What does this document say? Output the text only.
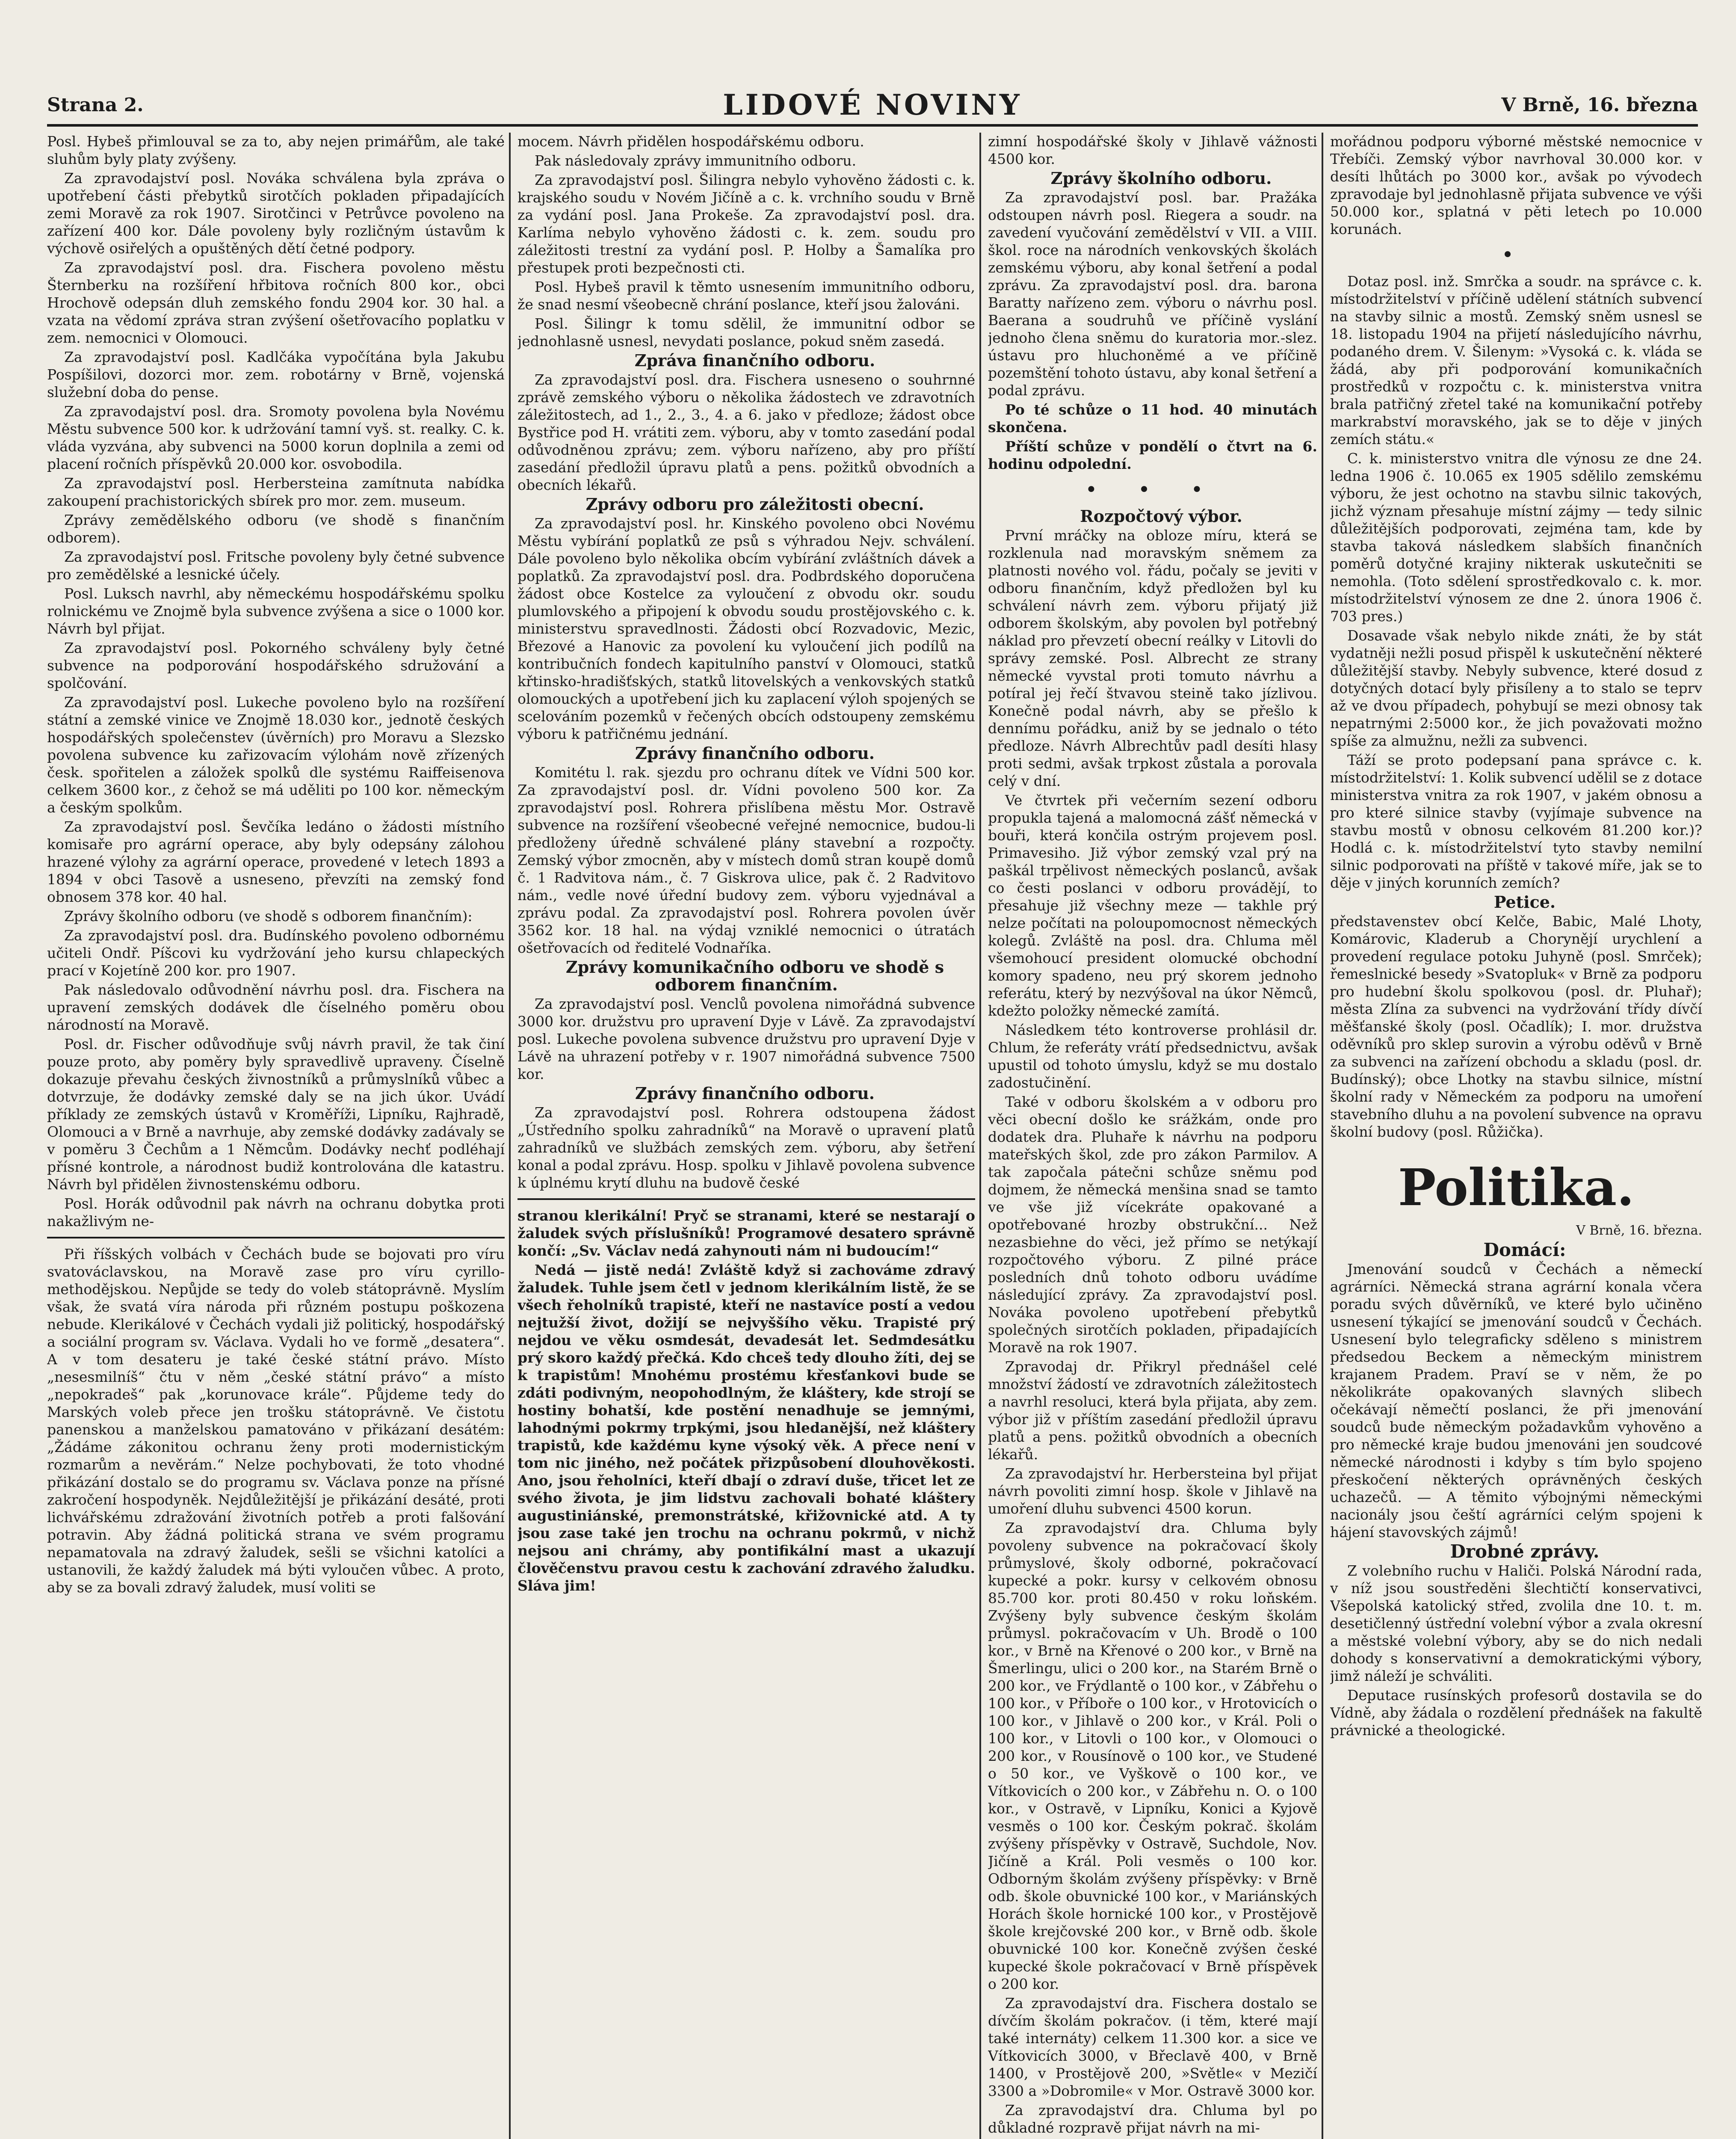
Strana 2.	LIDOVÉ NOVINY	V Brně, 16. března

Posl. Hybeš přimlouval se za to, aby nejen primářům, ale také sluhům byly platy zvýšeny.

Za zpravodajství posl. Nováka schválena byla zpráva o upotřebení části přebytků sirotčích pokladen připadajících zemi Moravě za rok 1907. Sirotčinci v Petrůvce povoleno na zařízení 400 kor. Dále povoleny byly rozličným ústavům k výchově osiřelých a opuštěných dětí četné podpory.

Za zpravodajství posl. dra. Fischera povoleno městu Šternberku na rozšíření hřbitova ročních 800 kor., obci Hrochově odepsán dluh zemského fondu 2904 kor. 30 hal. a vzata na vědomí zpráva stran zvýšení ošetřovacího poplatku v zem. nemocnici v Olomouci.

Za zpravodajství posl. Kadlčáka vypočítána byla Jakubu Pospíšilovi, dozorci mor. zem. robotárny v Brně, vojenská služební doba do pense.

Za zpravodajství posl. dra. Sromoty povolena byla Novému Městu subvence 500 kor. k udržování tamní vyš. st. realky. C. k. vláda vyzvána, aby subvenci na 5000 korun doplnila a zemi od placení ročních příspěvků 20.000 kor. osvobodila.

Za zpravodajství posl. Herbersteina zamítnuta nabídka zakoupení prachistorických sbírek pro mor. zem. museum.

Zprávy zemědělského odboru (ve shodě s finančním odborem).

Za zpravodajství posl. Fritsche povoleny byly četné subvence pro zemědělské a lesnické účely.

Posl. Luksch navrhl, aby německému hospodářskému spolku rolnickému ve Znojmě byla subvence zvýšena a sice o 1000 kor. Návrh byl přijat.

Za zpravodajství posl. Pokorného schváleny byly četné subvence na podporování hospodářského sdružování a spolčování.

Za zpravodajství posl. Lukeche povoleno bylo na rozšíření státní a zemské vinice ve Znojmě 18.030 kor., jednotě českých hospodářských společenstev (úvěrních) pro Moravu a Slezsko povolena subvence ku zařizovacím výlohám nově zřízených česk. spořitelen a záložek spolků dle systému Raiffeisenova celkem 3600 kor., z čehož se má uděliti po 100 kor. německým a českým spolkům.

Za zpravodajství posl. Ševčíka ledáno o žádosti místního komisaře pro agrární operace, aby byly odepsány zálohou hrazené výlohy za agrární operace, provedené v letech 1893 a 1894 v obci Tasově a usneseno, převzíti na zemský fond obnosem 378 kor. 40 hal.

Zprávy školního odboru (ve shodě s odborem finančním):

Za zpravodajství posl. dra. Budínského povoleno odbornému učiteli Ondř. Píšcovi ku vydržování jeho kursu chlapeckých prací v Kojetíně 200 kor. pro 1907.

Pak následovalo odůvodnění návrhu posl. dra. Fischera na upravení zemských dodávek dle číselného poměru obou národností na Moravě.

Posl. dr. Fischer odůvodňuje svůj návrh pravil, že tak činí pouze proto, aby poměry byly spravedlivě upraveny. Číselně dokazuje převahu českých živnostníků a průmyslníků vůbec a dotvrzuje, že dodávky zemské daly se na jich úkor. Uvádí příklady ze zemských ústavů v Kroměříži, Lipníku, Rajhradě, Olomouci a v Brně a navrhuje, aby zemské dodávky zadávaly se v poměru 3 Čechům a 1 Němcům. Dodávky nechť podléhají přísné kontrole, a národnost budiž kontrolována dle katastru. Návrh byl přidělen živnostenskému odboru.

Posl. Horák odůvodnil pak návrh na ochranu dobytka proti nakažlivým ne-

Při říšských volbách v Čechách bude se bojovati pro víru svatováclavskou, na Moravě zase pro víru cyrillo-methodějskou. Nepůjde se tedy do voleb státoprávně. Myslím však, že svatá víra národa při různém postupu poškozena nebude. Klerikálové v Čechách vydali již politický, hospodářský a sociální program sv. Václava. Vydali ho ve formě „desatera“. A v tom desateru je také české státní právo. Místo „nesesmilníš“ čtu v něm „české státní právo“ a místo „nepokradeš“ pak „korunovace krále“. Půjdeme tedy do Marských voleb přece jen trošku státoprávně. Ve čistotu panenskou a manželskou pamatováno v přikázaní desátém: „Žádáme zákonitou ochranu ženy proti modernistickým rozmarům a nevěrám.“ Nelze pochybovati, že toto vhodné přikázání dostalo se do programu sv. Václava ponze na přísné zakročení hospodyněk. Nejdůležitější je přikázání desáté, proti lichvářskému zdražování životních potřeb a proti falšování potravin. Aby žádná politická strana ve svém programu nepamatovala na zdravý žaludek, sešli se všichni katolíci a ustanovili, že každý žaludek má býti vyloučen vůbec. A proto, aby se za bovali zdravý žaludek, musí voliti se

mocem. Návrh přidělen hospodářskému odboru.

Pak následovaly zprávy immunitního odboru.

Za zpravodajství posl. Šilingra nebylo vyhověno žádosti c. k. krajského soudu v Novém Jičíně a c. k. vrchního soudu v Brně za vydání posl. Jana Prokeše. Za zpravodajství posl. dra. Karlíma nebylo vyhověno žádosti c. k. zem. soudu pro záležitosti trestní za vydání posl. P. Holby a Šamalíka pro přestupek proti bezpečnosti cti.

Posl. Hybeš pravil k těmto usnesením immunitního odboru, že snad nesmí všeobecně chrání poslance, kteří jsou žalováni.

Posl. Šilingr k tomu sdělil, že immunitní odbor se jednohlasně usnesl, nevydati poslance, pokud sněm zasedá.

Zpráva finančního odboru.

Za zpravodajství posl. dra. Fischera usneseno o souhrnné zprávě zemského výboru o několika žádostech ve zdravotních záležitostech, ad 1., 2., 3., 4. a 6. jako v předloze; žádost obce Bystřice pod H. vrátiti zem. výboru, aby v tomto zasedání podal odůvodněnou zprávu; zem. výboru nařízeno, aby pro příští zasedání předložil úpravu platů a pens. požitků obvodních a obecních lékařů.

Zprávy odboru pro záležitosti obecní.

Za zpravodajství posl. hr. Kinského povoleno obci Novému Městu vybírání poplatků ze psů s výhradou Nejv. schválení. Dále povoleno bylo několika obcím vybírání zvláštních dávek a poplatků. Za zpravodajství posl. dra. Podbrdského doporučena žádost obce Kostelce za vyloučení z obvodu okr. soudu plumlovského a připojení k obvodu soudu prostějovského c. k. ministerstvu spravedlnosti. Žádosti obcí Rozvadovic, Mezic, Březové a Hanovic za povolení ku vyloučení jich podílů na kontribučních fondech kapitulního panství v Olomouci, statků křtinsko-hradišťských, statků litovelských a venkovských statků olomouckých a upotřebení jich ku zaplacení výloh spojených se scelováním pozemků v řečených obcích odstoupeny zemskému výboru k patřičnému jednání.

Zprávy finančního odboru.

Komitétu l. rak. sjezdu pro ochranu dítek ve Vídni 500 kor. Za zpravodajství posl. dr. Vídni povoleno 500 kor. Za zpravodajství posl. Rohrera přislíbena městu Mor. Ostravě subvence na rozšíření všeobecné veřejné nemocnice, budou-li předloženy úředně schválené plány stavební a rozpočty. Zemský výbor zmocněn, aby v místech domů stran koupě domů č. 1 Radvitova nám., č. 7 Giskrova ulice, pak č. 2 Radvitovo nám., vedle nové úřední budovy zem. výboru vyjednával a zprávu podal. Za zpravodajství posl. Rohrera povolen úvěr 3562 kor. 18 hal. na výdaj vzniklé nemocnici o útratách ošetřovacích od ředitelé Vodnaříka.

Zprávy komunikačního odboru ve shodě s odborem finančním.

Za zpravodajství posl. Venclů povolena nimořádná subvence 3000 kor. družstvu pro upravení Dyje v Lávě. Za zpravodajství posl. Lukeche povolena subvence družstvu pro upravení Dyje v Lávě na uhrazení potřeby v r. 1907 nimořádná subvence 7500 kor.

Zprávy finančního odboru.

Za zpravodajství posl. Rohrera odstoupena žádost „Ústředního spolku zahradníků“ na Moravě o upravení platů zahradníků ve službách zemských zem. výboru, aby šetření konal a podal zprávu. Hosp. spolku v Jihlavě povolena subvence k úplnému krytí dluhu na budově české

stranou klerikální! Pryč se stranami, které se nestarají o žaludek svých příslušníků! Programové desatero správně končí: „Sv. Václav nedá zahynouti nám ni budoucím!“

Nedá — jistě nedá! Zvláště když si zachováme zdravý žaludek. Tuhle jsem četl v jednom klerikálním listě, že se všech řeholníků trapisté, kteří ne nastavíce postí a vedou nejtužší život, dožijí se nejvyššího věku. Trapisté prý nejdou ve věku osmdesát, devadesát let. Sedmdesátku prý skoro každý přečká. Kdo chceš tedy dlouho žíti, dej se k trapistům! Mnohému prostému křesťankovi bude se zdáti podivným, neopohodlným, že kláštery, kde strojí se hostiny bohatší, kde postění nenadhuje se jemnými, lahodnými pokrmy trpkými, jsou hledanější, než kláštery trapistů, kde každému kyne výsoký věk. A přece není v tom nic jiného, než počátek přizpůsobení dlouhověkosti. Ano, jsou řeholníci, kteří dbají o zdraví duše, třicet let ze svého života, je jim lidstvu zachovali bohaté kláštery augustiniánské, premonstrátské, křižovnické atd. A ty jsou zase také jen trochu na ochranu pokrmů, v nichž nejsou ani chrámy, aby pontifikální mast a ukazují člověčenstvu pravou cestu k zachování zdravého žaludku. Sláva jim!

zimní hospodářské školy v Jihlavě vážnosti 4500 kor.

Zprávy školního odboru.

Za zpravodajství posl. bar. Pražáka odstoupen návrh posl. Riegera a soudr. na zavedení vyučování zemědělství v VII. a VIII. škol. roce na národních venkovských školách zemskému výboru, aby konal šetření a podal zprávu. Za zpravodajství posl. dra. barona Baratty nařízeno zem. výboru o návrhu posl. Baerana a soudruhů ve příčině vyslání jednoho člena sněmu do kuratoria mor.-slez. ústavu pro hluchoněmé a ve příčině pozemštění tohoto ústavu, aby konal šetření a podal zprávu.

Po té schůze o 11 hod. 40 minutách skončena.

Příští schůze v pondělí o čtvrt na 6. hodinu odpolední.

• • •

Rozpočtový výbor.

První mráčky na obloze míru, která se rozklenula nad moravským sněmem za platnosti nového vol. řádu, počaly se jeviti v odboru finančním, když předložen byl ku schválení návrh zem. výboru přijatý již odborem školským, aby povolen byl potřebný náklad pro převzetí obecní reálky v Litovli do správy zemské. Posl. Albrecht ze strany německé vyvstal proti tomuto návrhu a potíral jej řečí štvavou steině tako jízlivou. Konečně podal návrh, aby se přešlo k dennímu pořádku, aniž by se jednalo o této předloze. Návrh Albrechtův padl desíti hlasy proti sedmi, avšak trpkost zůstala a porovala celý v dní.

Ve čtvrtek při večerním sezení odboru propukla tajená a malomocná zášť německá v bouři, která končila ostrým projevem posl. Primavesiho. Již výbor zemský vzal prý na paškál trpělivost německých poslanců, avšak co česti poslanci v odboru provádějí, to přesahuje již všechny meze — takhle prý nelze počítati na poloupomocnost německých kolegů. Zvláště na posl. dra. Chluma měl všemohoucí president olomucké obchodní komory spadeno, neu prý skorem jednoho referátu, který by nezvýšoval na úkor Němců, kdežto položky německé zamítá.

Následkem této kontroverse prohlásil dr. Chlum, že referáty vrátí předsednictvu, avšak upustil od tohoto úmyslu, když se mu dostalo zadostučinění.

Také v odboru školském a v odboru pro věci obecní došlo ke srážkám, onde pro dodatek dra. Pluhaře k návrhu na podporu mateřských škol, zde pro zákon Parmilov. A tak započala pátečni schůze sněmu pod dojmem, že německá menšina snad se tamto ve vše již vícekráte opakované a opotřebované hrozby obstrukční... Než nezasbiehne do věci, jež přímo se netýkají rozpočtového výboru. Z pilné práce posledních dnů tohoto odboru uvádíme následující zprávy. Za zpravodajství posl. Nováka povoleno upotřebení přebytků společných sirotčích pokladen, připadajících Moravě na rok 1907.

Zpravodaj dr. Přikryl přednášel celé množství žádostí ve zdravotních záležitostech a navrhl resoluci, která byla přijata, aby zem. výbor již v příštím zasedání předložil úpravu platů a pens. požitků obvodních a obecních lékařů.

Za zpravodajství hr. Herbersteina byl přijat návrh povoliti zimní hosp. škole v Jihlavě na umoření dluhu subvenci 4500 korun.

Za zpravodajství dra. Chluma byly povoleny subvence na pokračovací školy průmyslové, školy odborné, pokračovací kupecké a pokr. kursy v celkovém obnosu 85.700 kor. proti 80.450 v roku loňském. Zvýšeny byly subvence českým školám průmysl. pokračovacím v Uh. Brodě o 100 kor., v Brně na Křenové o 200 kor., v Brně na Šmerlingu, ulici o 200 kor., na Starém Brně o 200 kor., ve Frýdlantě o 100 kor., v Zábřehu o 100 kor., v Příboře o 100 kor., v Hrotovicích o 100 kor., v Jihlavě o 200 kor., v Král. Poli o 100 kor., v Litovli o 100 kor., v Olomouci o 200 kor., v Rousínově o 100 kor., ve Studené o 50 kor., ve Vyškově o 100 kor., ve Vítkovicích o 200 kor., v Zábřehu n. O. o 100 kor., v Ostravě, v Lipníku, Konici a Kyjově vesměs o 100 kor. Českým pokrač. školám zvýšeny příspěvky v Ostravě, Suchdole, Nov. Jičíně a Král. Poli vesměs o 100 kor. Odborným školám zvýšeny příspěvky: v Brně odb. škole obuvnické 100 kor., v Mariánských Horách škole hornické 100 kor., v Prostějově škole krejčovské 200 kor., v Brně odb. škole obuvnické 100 kor. Konečně zvýšen české kupecké škole pokračovací v Brně příspěvek o 200 kor.

Za zpravodajství dra. Fischera dostalo se dívčím školám pokračov. (i těm, které mají také internáty) celkem 11.300 kor. a sice ve Vítkovicích 3000, v Břeclavě 400, v Brně 1400, v Prostějově 200, »Světle« v Mezičí 3300 a »Dobromile« v Mor. Ostravě 3000 kor.

Za zpravodajství dra. Chluma byl po důkladné rozpravě přijat návrh na mi-

mořádnou podporu výborné městské nemocnice v Třebíči. Zemský výbor navrhoval 30.000 kor. v desíti lhůtách po 3000 kor., avšak po vývodech zpravodaje byl jednohlasně přijata subvence ve výši 50.000 kor., splatná v pěti letech po 10.000 korunách.

•

Dotaz posl. inž. Smrčka a soudr. na správce c. k. místodržitelství v příčině udělení státních subvencí na stavby silnic a mostů. Zemský sněm usnesl se 18. listopadu 1904 na přijetí následujícího návrhu, podaného drem. V. Šilenym: »Vysoká c. k. vláda se žádá, aby při podporování komunikačních prostředků v rozpočtu c. k. ministerstva vnitra brala patřičný zřetel také na komunikační potřeby markrabství moravského, jak se to děje v jiných zemích státu.«

C. k. ministerstvo vnitra dle výnosu ze dne 24. ledna 1906 č. 10.065 ex 1905 sdělilo zemskému výboru, že jest ochotno na stavbu silnic takových, jichž význam přesahuje místní zájmy — tedy silnic důležitějších podporovati, zejména tam, kde by stavba taková následkem slabších finančních poměrů dotyčné krajiny nikterak uskutečniti se nemohla. (Toto sdělení sprostředkovalo c. k. mor. místodržitelství výnosem ze dne 2. února 1906 č. 703 pres.)

Dosavade však nebylo nikde znáti, že by stát vydatněji nežli posud přispěl k uskutečnění některé důležitější stavby. Nebyly subvence, které dosud z dotyčných dotací byly přisíleny a to stalo se teprv až ve dvou případech, pohybují se mezi obnosy tak nepatrnými 2:5000 kor., že jich považovati možno spíše za almužnu, nežli za subvenci.

Táží se proto podepsaní pana správce c. k. místodržitelství: 1. Kolik subvencí udělil se z dotace ministerstva vnitra za rok 1907, v jakém obnosu a pro které silnice stavby (vyjímaje subvence na stavbu mostů v obnosu celkovém 81.200 kor.)? Hodlá c. k. místodržitelství tyto stavby nemilní silnic podporovati na příště v takové míře, jak se to děje v jiných korunních zemích?

Petice.

představenstev obcí Kelče, Babic, Malé Lhoty, Komárovic, Kladerub a Chorynějí urychlení a provedení regulace potoku Juhyně (posl. Smrček); řemeslnické besedy »Svatopluk« v Brně za podporu pro hudební školu spolkovou (posl. dr. Pluhař); města Zlína za subvenci na vydržování třídy dívčí měšťanské školy (posl. Očadlík); I. mor. družstva oděvníků pro sklep surovin a výrobu oděvů v Brně za subvenci na zařízení obchodu a skladu (posl. dr. Budínský); obce Lhotky na stavbu silnice, místní školní rady v Německém za podporu na umoření stavebního dluhu a na povolení subvence na opravu školní budovy (posl. Růžička).

Politika.

V Brně, 16. března.

Domácí:

Jmenování soudců v Čechách a německí agrárníci. Německá strana agrární konala včera poradu svých důvěrníků, ve které bylo učiněno usnesení týkající se jmenování soudců v Čechách. Usnesení bylo telegraficky sděleno s ministrem předsedou Beckem a německým ministrem krajanem Pradem. Praví se v něm, že po několikráte opakovaných slavných slibech očekávají němečtí poslanci, že při jmenování soudců bude německým požadavkům vyhověno a pro německé kraje budou jmenováni jen soudcové německé národnosti i kdyby s tím bylo spojeno přeskočení některých oprávněných českých uchazečů. — A těmito výbojnými německými nacionály jsou čeští agrárníci celým spojeni k hájení stavovských zájmů!

Drobné zprávy.

Z volebního ruchu v Haliči. Polská Národní rada, v níž jsou soustředěni šlechtičtí konservativci, Všepolská katolický střed, zvolila dne 10. t. m. desetičlenný ústřední volební výbor a zvala okresní a městské volební výbory, aby se do nich nedali dohody s konservativní a demokratickými výbory, jimž náleží je schváliti.

Deputace rusínských profesorů dostavila se do Vídně, aby žádala o rozdělení přednášek na fakultě právnické a theologické.
